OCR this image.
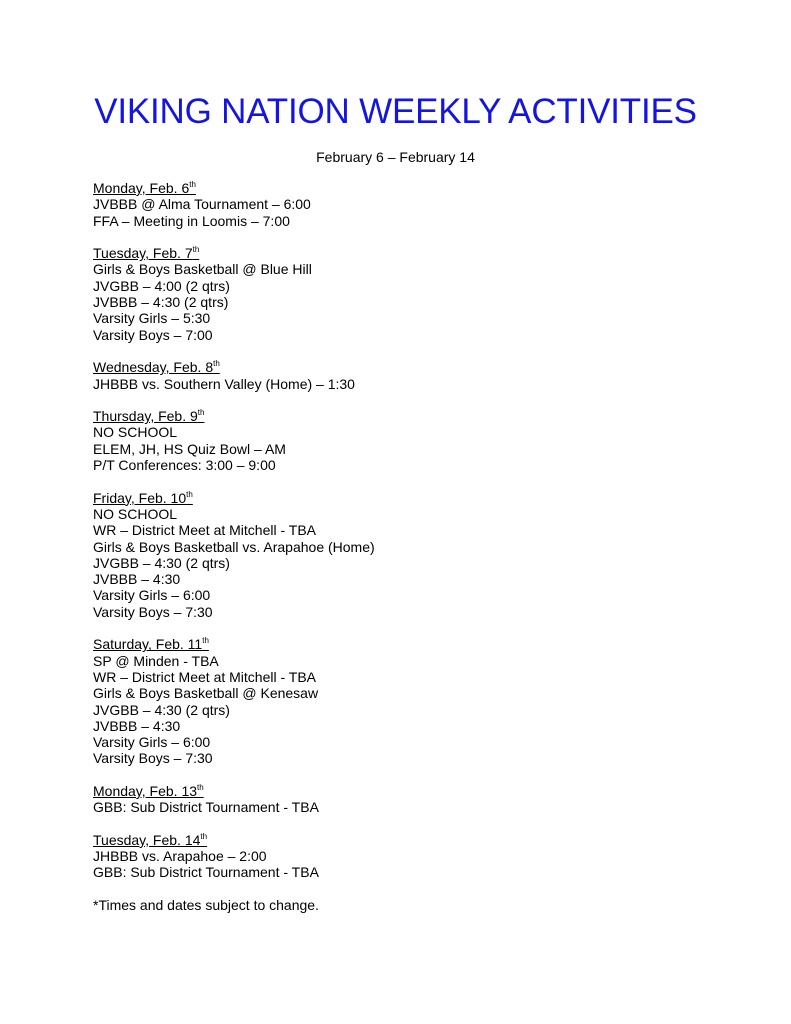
VIKING NATION WEEKLY ACTIVITIES
February 6 – February 14
Monday, Feb. 6th
JVBBB @ Alma Tournament – 6:00
FFA – Meeting in Loomis – 7:00
Tuesday, Feb. 7th
Girls & Boys Basketball @ Blue Hill
JVGBB – 4:00 (2 qtrs)
JVBBB – 4:30 (2 qtrs)
Varsity Girls – 5:30
Varsity Boys – 7:00
Wednesday, Feb. 8th
JHBBB vs. Southern Valley (Home) – 1:30
Thursday, Feb. 9th
NO SCHOOL
ELEM, JH, HS Quiz Bowl – AM
P/T Conferences: 3:00 – 9:00
Friday, Feb. 10th
NO SCHOOL
WR – District Meet at Mitchell - TBA
Girls & Boys Basketball vs. Arapahoe (Home)
JVGBB – 4:30 (2 qtrs)
JVBBB – 4:30
Varsity Girls – 6:00
Varsity Boys – 7:30
Saturday, Feb. 11th
SP @ Minden - TBA
WR – District Meet at Mitchell - TBA
Girls & Boys Basketball @ Kenesaw
JVGBB – 4:30 (2 qtrs)
JVBBB – 4:30
Varsity Girls – 6:00
Varsity Boys – 7:30
Monday, Feb. 13th
GBB: Sub District Tournament - TBA
Tuesday, Feb. 14th
JHBBB vs. Arapahoe – 2:00
GBB: Sub District Tournament - TBA
*Times and dates subject to change.
